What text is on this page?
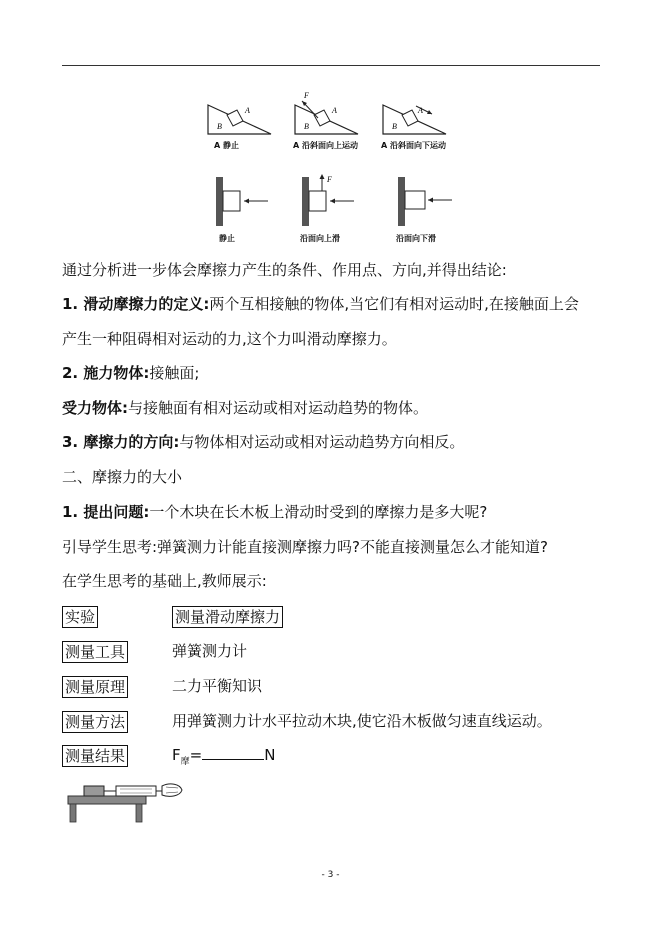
A
B
A 静止
F
A
B
A 沿斜面向上运动
A
B
A 沿斜面向下运动
静止
F
沿面向上滑	沿面向下滑
通过分析进一步体会摩擦力产生的条件、作用点、方向,并得出结论:
1. 滑动摩擦力的定义:两个互相接触的物体,当它们有相对运动时,在接触面上会
产生一种阻碍相对运动的力,这个力叫滑动摩擦力。
2. 施力物体:接触面;
受力物体:与接触面有相对运动或相对运动趋势的物体。
3. 摩擦力的方向:与物体相对运动或相对运动趋势方向相反。
二、摩擦力的大小
1. 提出问题:一个木块在长木板上滑动时受到的摩擦力是多大呢?
引导学生思考:弹簧测力计能直接测摩擦力吗?不能直接测量怎么才能知道?
在学生思考的基础上,教师展示:
实验	测量滑动摩擦力
测量工具	弹簧测力计
测量原理	二力平衡知识
测量方法	用弹簧测力计水平拉动木块,使它沿木板做匀速直线运动。
测量结果	$F_摩=$	N
- 3 -
